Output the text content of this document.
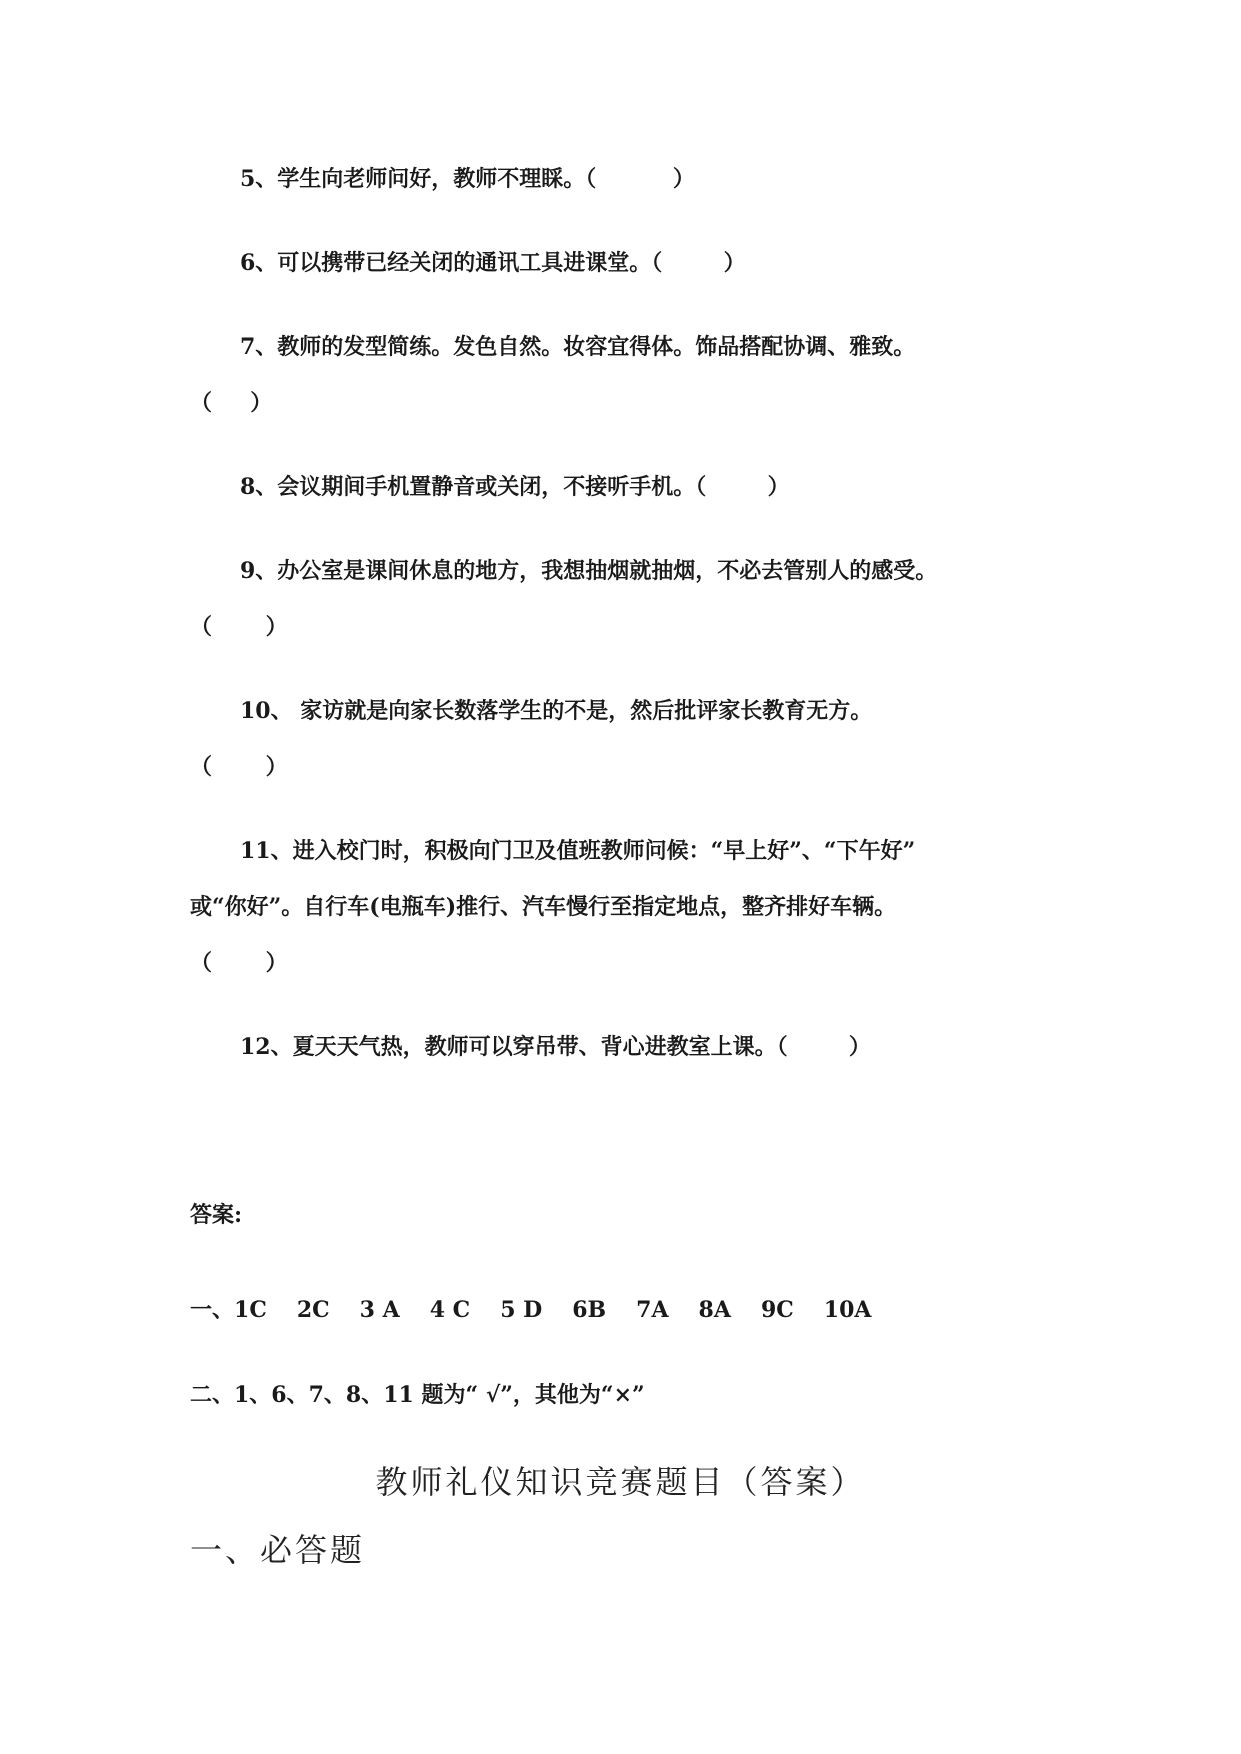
5、学生向老师问好，教师不理睬。（          ）
6、可以携带已经关闭的通讯工具进课堂。（        ）
7、教师的发型简练。发色自然。妆容宜得体。饰品搭配协调、雅致。
（     ）
8、会议期间手机置静音或关闭，不接听手机。（        ）
9、办公室是课间休息的地方，我想抽烟就抽烟，不必去管别人的感受。
（       ）
10、 家访就是向家长数落学生的不是，然后批评家长教育无方。
（       ）
11、进入校门时，积极向门卫及值班教师问候：“早上好”、“下午好”
或“你好”。自行车(电瓶车)推行、汽车慢行至指定地点，整齐排好车辆。
（       ）
12、夏天天气热，教师可以穿吊带、背心进教室上课。（        ）
答案:
一、 1C 2C 3 A 4 C 5 D 6B 7A 8A 9C 10A
二、1、6、7、8、11 题为“ √”，其他为“×”
教师礼仪知识竞赛题目（答案）
一、必答题
